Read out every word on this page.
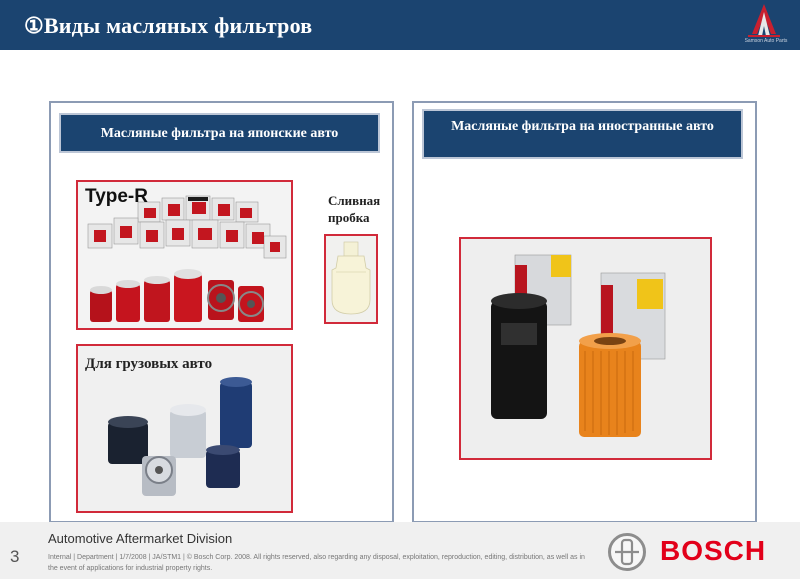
①Виды масляных фильтров
Samson Auto Parts
Масляные фильтра на японские авто
Type-R	Сливная пробка
Для грузовых авто
Масляные фильтра на иностранные авто
3
Automotive Aftermarket Division
Internal | Department | 1/7/2008 | JA/STM1 | © Bosch Corp. 2008. All rights reserved, also regarding any disposal, exploitation, reproduction, editing, distribution, as well as in the event of applications for industrial property rights.
BOSCH
